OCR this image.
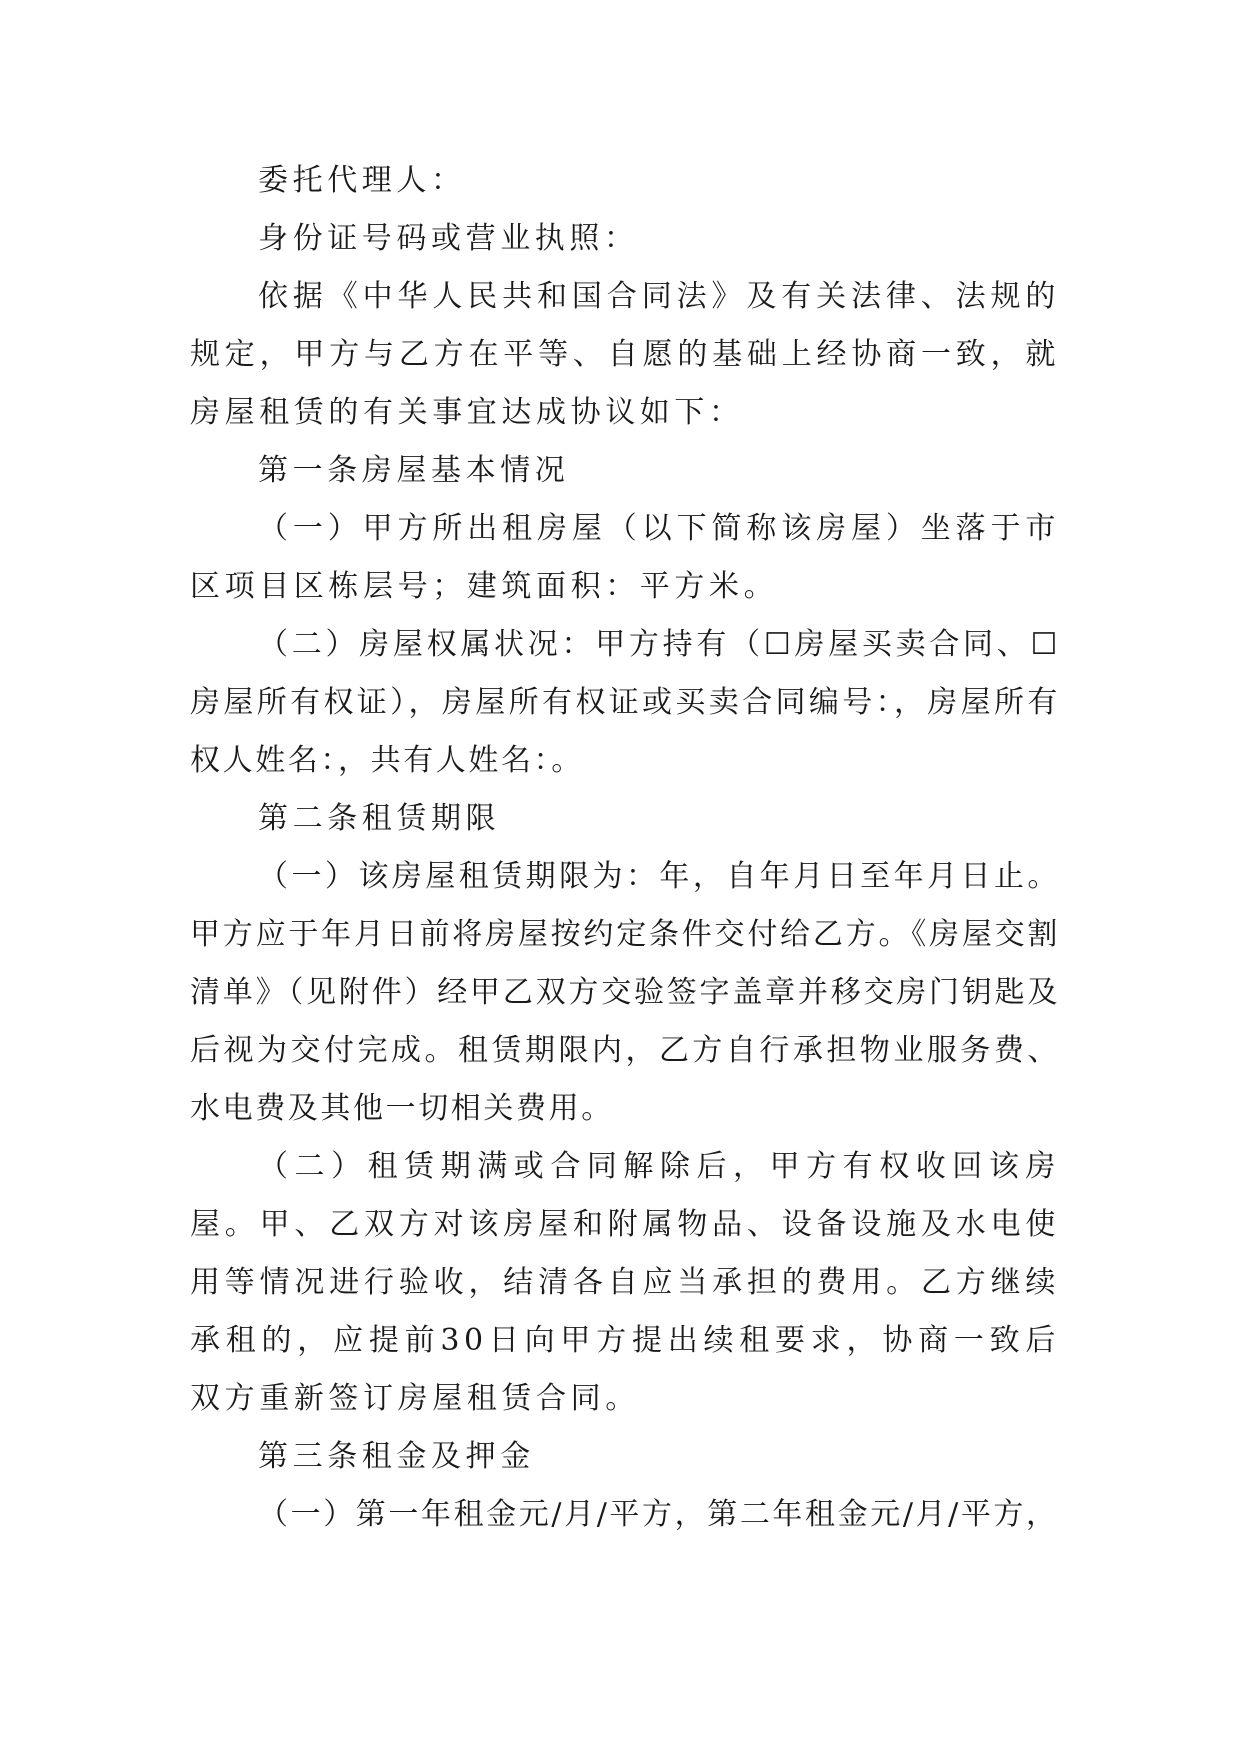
委托代理人：

身份证号码或营业执照：

依据《中华人民共和国合同法》及有关法律、法规的规定，甲方与乙方在平等、自愿的基础上经协商一致，就房屋租赁的有关事宜达成协议如下：

第一条房屋基本情况

（一）甲方所出租房屋（以下简称该房屋）坐落于市区项目区栋层号；建筑面积：平方米。

（二）房屋权属状况：甲方持有（☐房屋买卖合同、☐房屋所有权证），房屋所有权证或买卖合同编号：，房屋所有权人姓名：，共有人姓名：。

第二条租赁期限

（一）该房屋租赁期限为：年，自年月日至年月日止。甲方应于年月日前将房屋按约定条件交付给乙方。《房屋交割清单》（见附件）经甲乙双方交验签字盖章并移交房门钥匙及后视为交付完成。租赁期限内，乙方自行承担物业服务费、水电费及其他一切相关费用。

（二）租赁期满或合同解除后，甲方有权收回该房屋。甲、乙双方对该房屋和附属物品、设备设施及水电使用等情况进行验收，结清各自应当承担的费用。乙方继续承租的，应提前30日向甲方提出续租要求，协商一致后双方重新签订房屋租赁合同。

第三条租金及押金

（一）第一年租金元/月/平方，第二年租金元/月/平方，
